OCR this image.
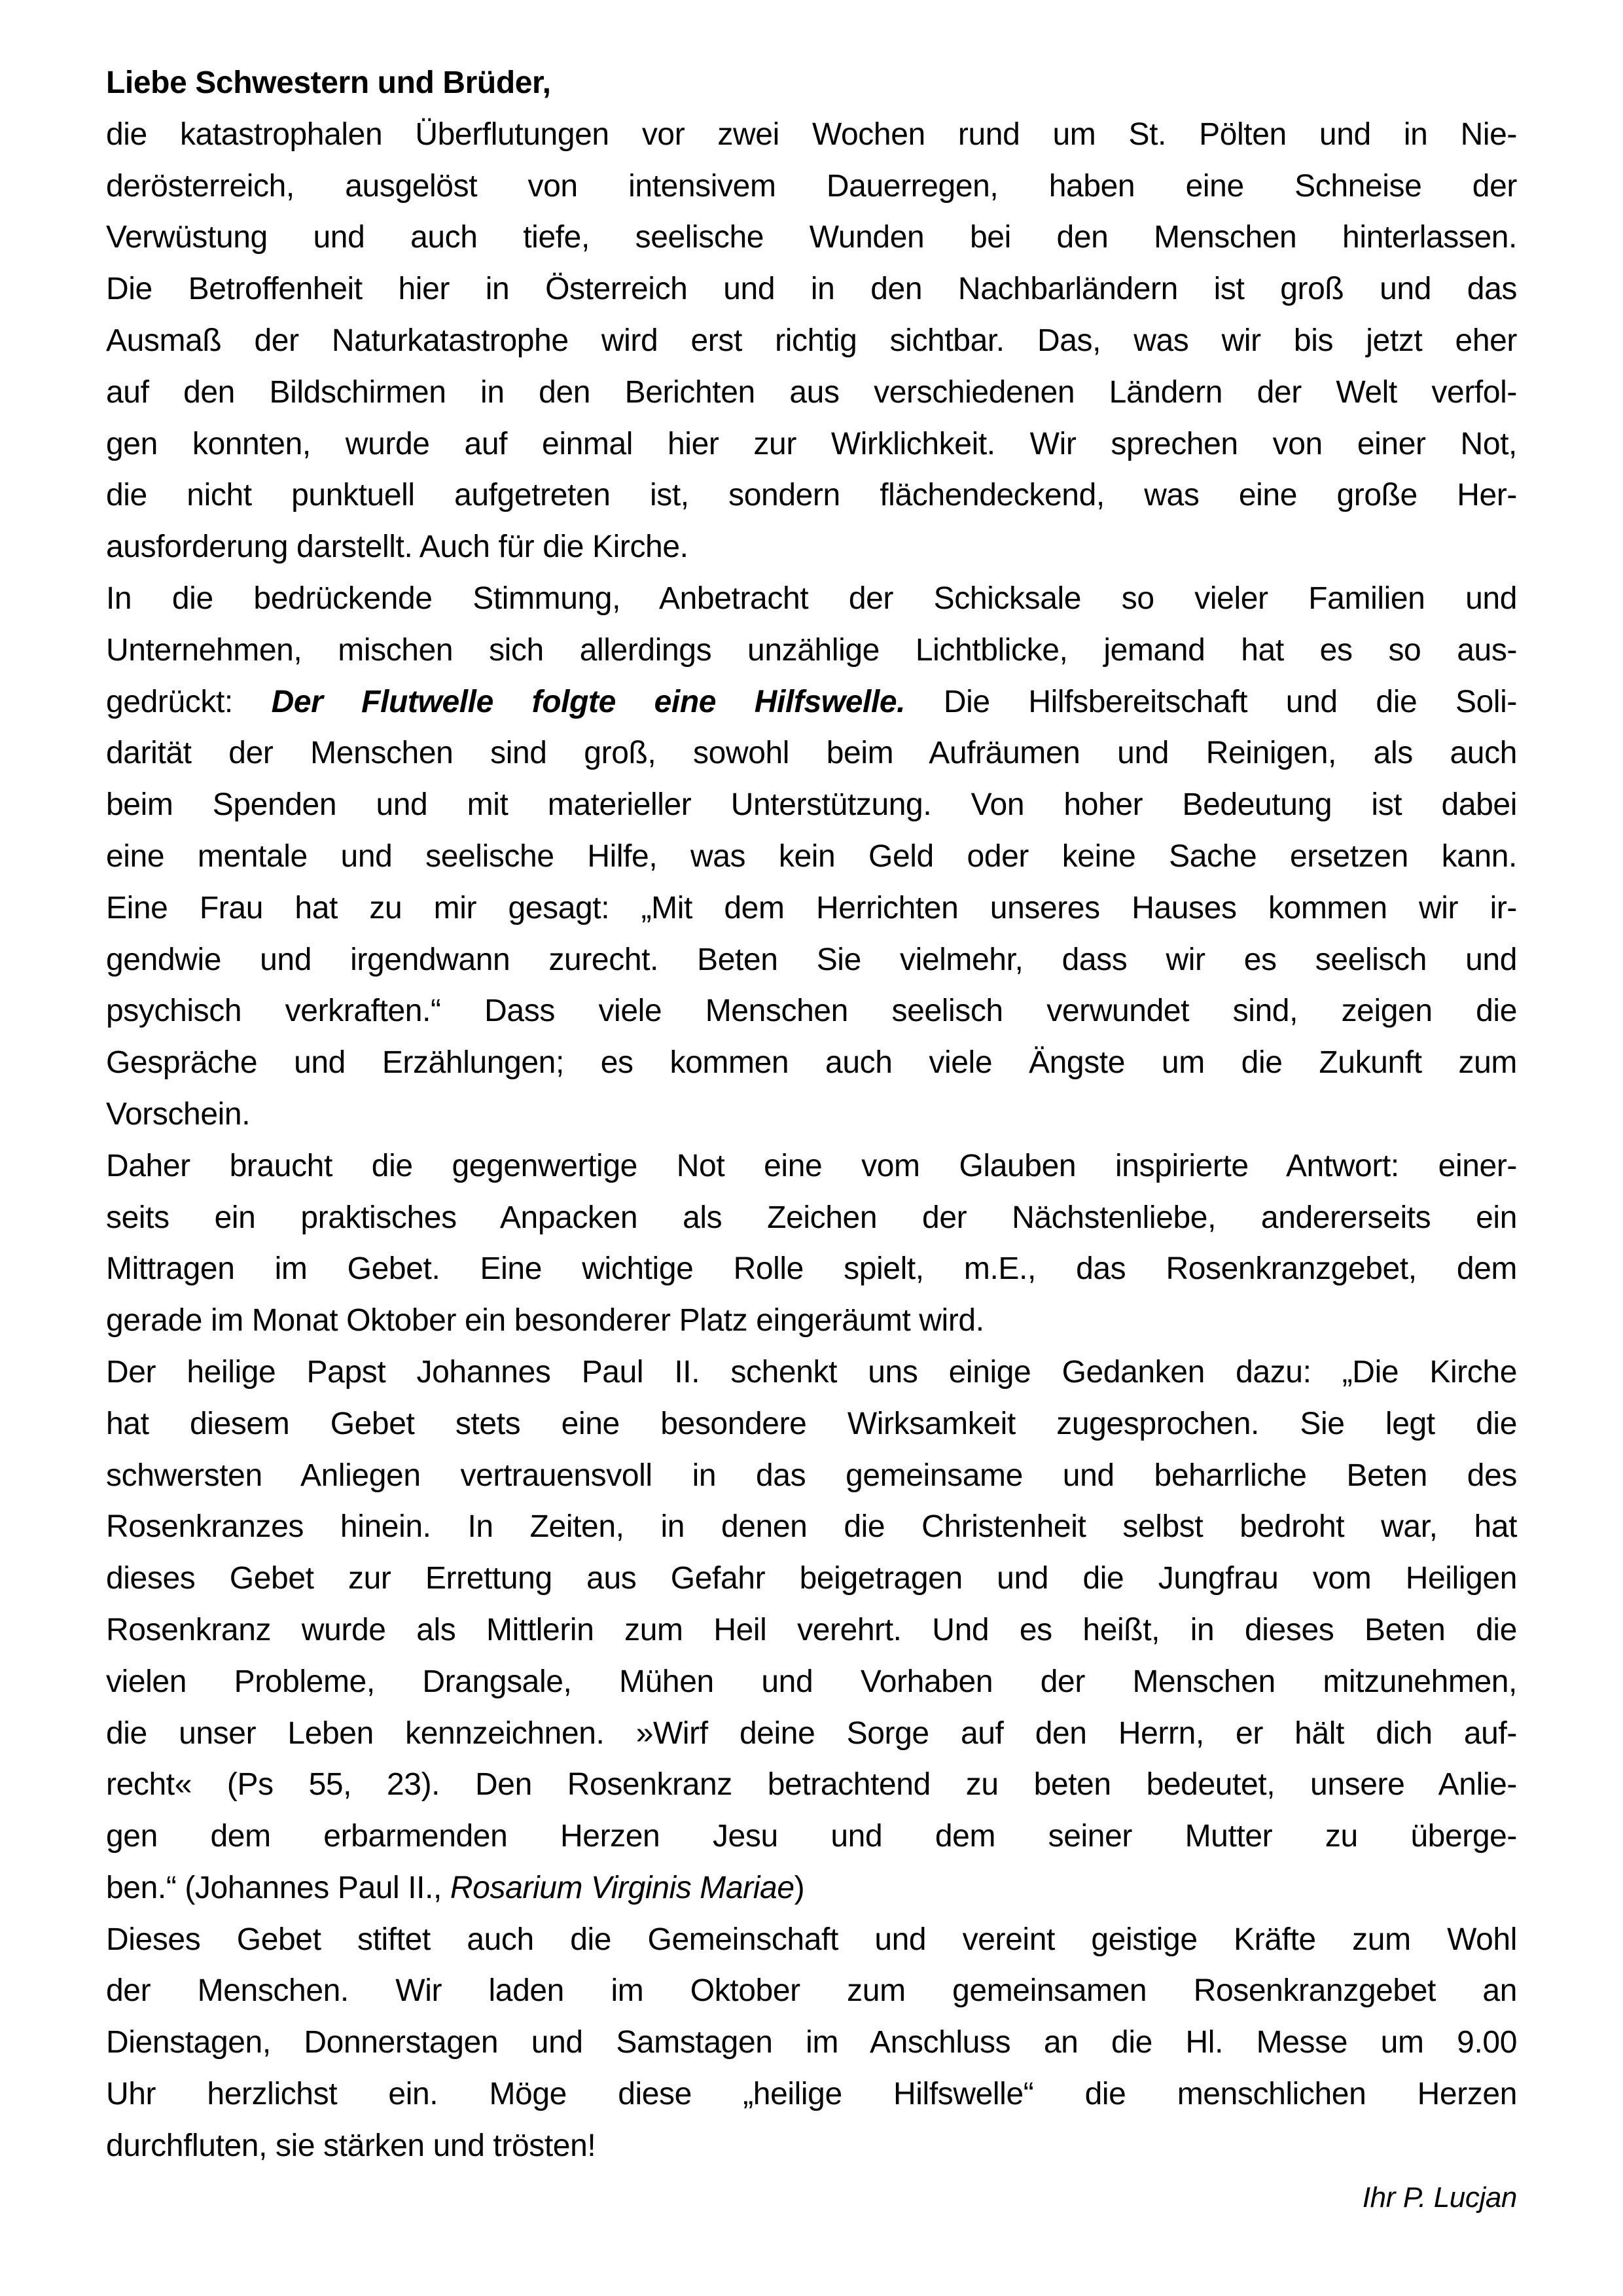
Liebe Schwestern und Brüder,
die katastrophalen Überflutungen vor zwei Wochen rund um St. Pölten und in Nie-
derösterreich, ausgelöst von intensivem Dauerregen, haben eine Schneise der
Verwüstung und auch tiefe, seelische Wunden bei den Menschen hinterlassen.
Die Betroffenheit hier in Österreich und in den Nachbarländern ist groß und das
Ausmaß der Naturkatastrophe wird erst richtig sichtbar. Das, was wir bis jetzt eher
auf den Bildschirmen in den Berichten aus verschiedenen Ländern der Welt verfol-
gen konnten, wurde auf einmal hier zur Wirklichkeit. Wir sprechen von einer Not,
die nicht punktuell aufgetreten ist, sondern flächendeckend, was eine große Her-
ausforderung darstellt. Auch für die Kirche.
In die bedrückende Stimmung, Anbetracht der Schicksale so vieler Familien und
Unternehmen, mischen sich allerdings unzählige Lichtblicke, jemand hat es so aus-
gedrückt: Der Flutwelle folgte eine Hilfswelle. Die Hilfsbereitschaft und die Soli-
darität der Menschen sind groß, sowohl beim Aufräumen und Reinigen, als auch
beim Spenden und mit materieller Unterstützung. Von hoher Bedeutung ist dabei
eine mentale und seelische Hilfe, was kein Geld oder keine Sache ersetzen kann.
Eine Frau hat zu mir gesagt: „Mit dem Herrichten unseres Hauses kommen wir ir-
gendwie und irgendwann zurecht. Beten Sie vielmehr, dass wir es seelisch und
psychisch verkraften.“ Dass viele Menschen seelisch verwundet sind, zeigen die
Gespräche und Erzählungen; es kommen auch viele Ängste um die Zukunft zum
Vorschein.
Daher braucht die gegenwertige Not eine vom Glauben inspirierte Antwort: einer-
seits ein praktisches Anpacken als Zeichen der Nächstenliebe, andererseits ein
Mittragen im Gebet. Eine wichtige Rolle spielt, m.E., das Rosenkranzgebet, dem
gerade im Monat Oktober ein besonderer Platz eingeräumt wird.
Der heilige Papst Johannes Paul II. schenkt uns einige Gedanken dazu: „Die Kirche
hat diesem Gebet stets eine besondere Wirksamkeit zugesprochen. Sie legt die
schwersten Anliegen vertrauensvoll in das gemeinsame und beharrliche Beten des
Rosenkranzes hinein. In Zeiten, in denen die Christenheit selbst bedroht war, hat
dieses Gebet zur Errettung aus Gefahr beigetragen und die Jungfrau vom Heiligen
Rosenkranz wurde als Mittlerin zum Heil verehrt. Und es heißt, in dieses Beten die
vielen Probleme, Drangsale, Mühen und Vorhaben der Menschen mitzunehmen,
die unser Leben kennzeichnen. »Wirf deine Sorge auf den Herrn, er hält dich auf-
recht« (Ps 55, 23). Den Rosenkranz betrachtend zu beten bedeutet, unsere Anlie-
gen dem erbarmenden Herzen Jesu und dem seiner Mutter zu überge-
ben.“ (Johannes Paul II., Rosarium Virginis Mariae)
Dieses Gebet stiftet auch die Gemeinschaft und vereint geistige Kräfte zum Wohl
der Menschen. Wir laden im Oktober zum gemeinsamen Rosenkranzgebet an
Dienstagen, Donnerstagen und Samstagen im Anschluss an die Hl. Messe um 9.00
Uhr herzlichst ein. Möge diese „heilige Hilfswelle“ die menschlichen Herzen
durchfluten, sie stärken und trösten!
Ihr P. Lucjan
